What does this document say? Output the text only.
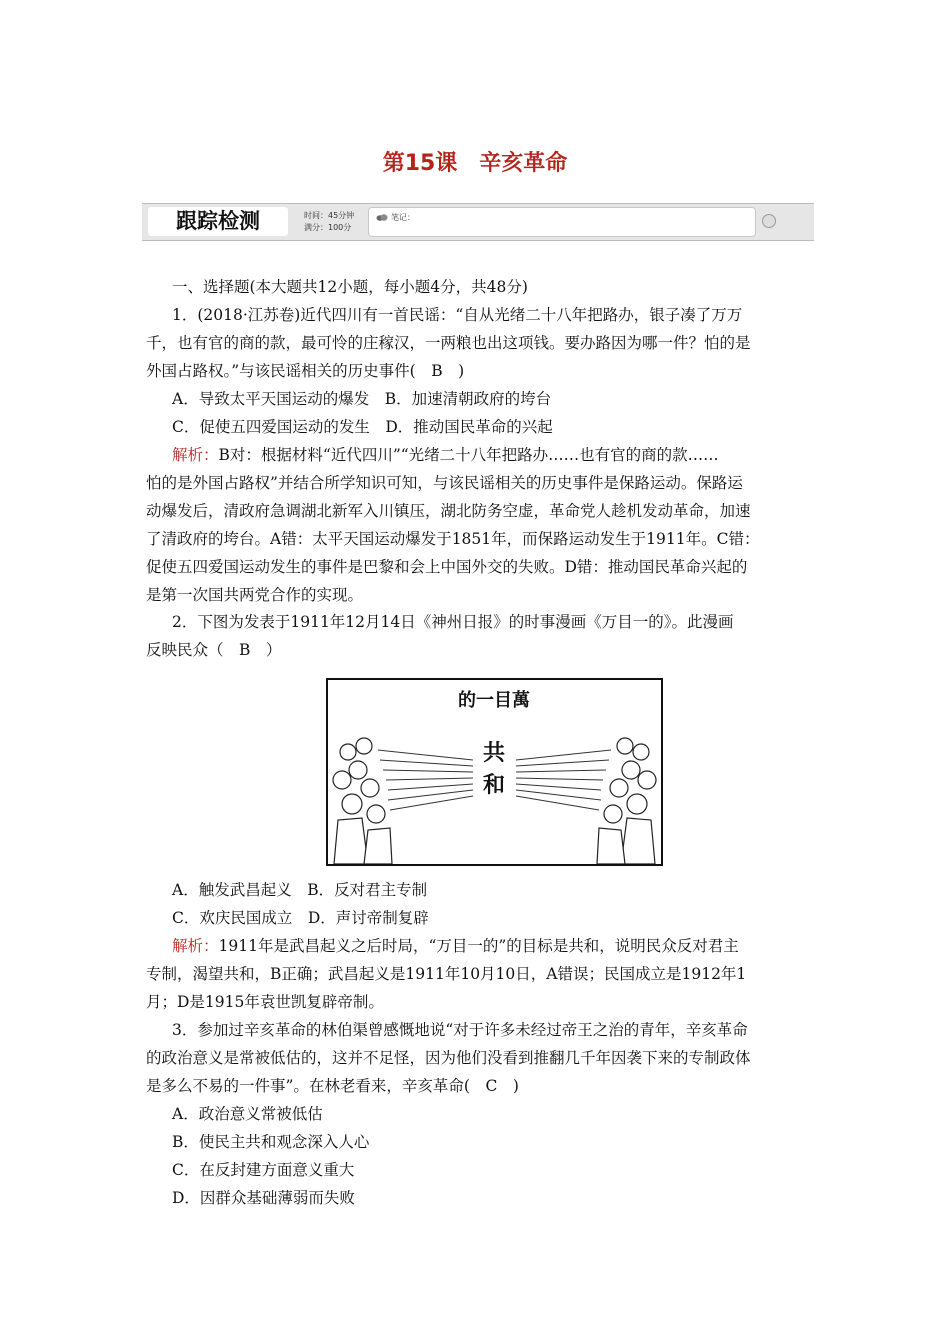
第15课　辛亥革命
跟踪检测	时间：45分钟
满分：100分
笔记：
一、选择题(本大题共12小题，每小题4分，共48分)
1．(2018·江苏卷)近代四川有一首民谣：“自从光绪二十八年把路办，银子凑了万万
千，也有官的商的款，最可怜的庄稼汉，一两粮也出这项钱。要办路因为哪一件？怕的是
外国占路权。”与该民谣相关的历史事件(　B　)
A．导致太平天国运动的爆发　B．加速清朝政府的垮台
C．促使五四爱国运动的发生　D．推动国民革命的兴起
解析：B对：根据材料“近代四川”“光绪二十八年把路办……也有官的商的款……
怕的是外国占路权”并结合所学知识可知，与该民谣相关的历史事件是保路运动。保路运
动爆发后，清政府急调湖北新军入川镇压，湖北防务空虚，革命党人趁机发动革命，加速
了清政府的垮台。A错：太平天国运动爆发于1851年，而保路运动发生于1911年。C错：
促使五四爱国运动发生的事件是巴黎和会上中国外交的失败。D错：推动国民革命兴起的
是第一次国共两党合作的实现。
2．下图为发表于1911年12月14日《神州日报》的时事漫画《万目一的》。此漫画
反映民众（　B　）
的一目萬
共
和
A．触发武昌起义　B．反对君主专制
C．欢庆民国成立　D．声讨帝制复辟
解析：1911年是武昌起义之后时局，“万目一的”的目标是共和，说明民众反对君主
专制，渴望共和，B正确；武昌起义是1911年10月10日，A错误；民国成立是1912年1
月；D是1915年袁世凯复辟帝制。
3．参加过辛亥革命的林伯渠曾感慨地说“对于许多未经过帝王之治的青年，辛亥革命
的政治意义是常被低估的，这并不足怪，因为他们没看到推翻几千年因袭下来的专制政体
是多么不易的一件事”。在林老看来，辛亥革命(　C　)
A．政治意义常被低估
B．使民主共和观念深入人心
C．在反封建方面意义重大
D．因群众基础薄弱而失败
